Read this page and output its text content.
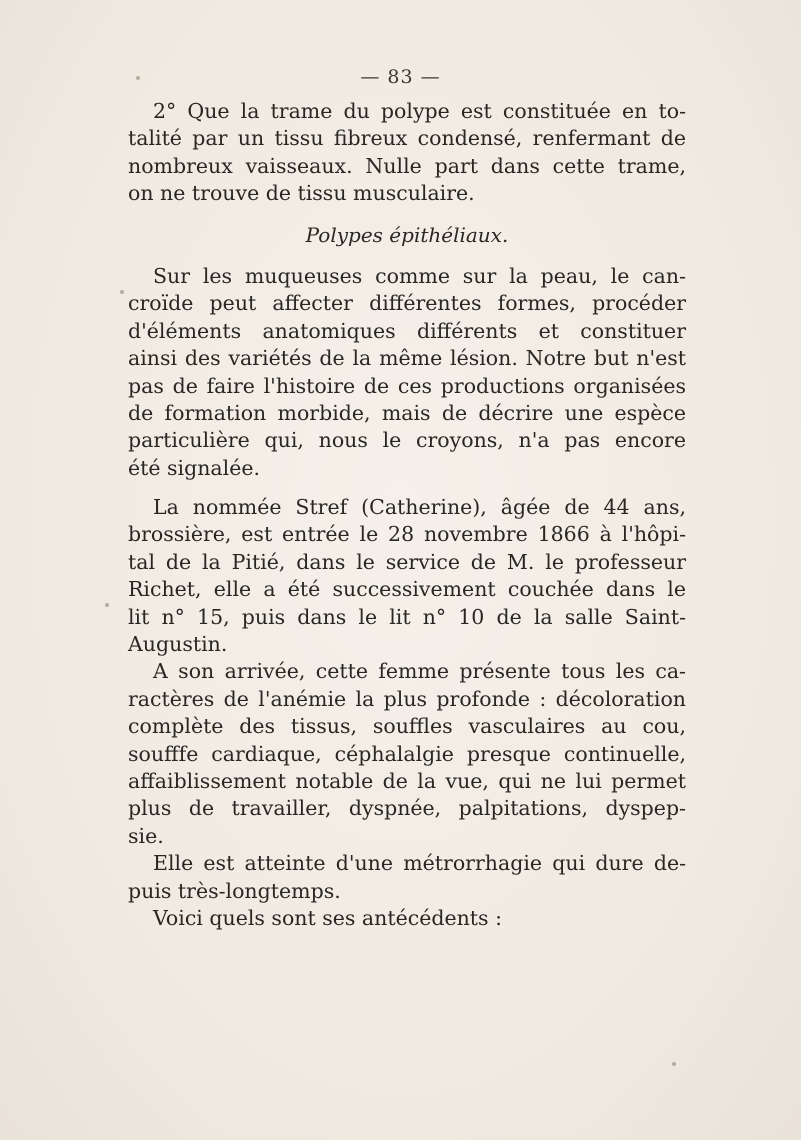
— 83 —
2° Que la trame du polype est constituée en to-
talité par un tissu fibreux condensé, renfermant de
nombreux vaisseaux. Nulle part dans cette trame,
on ne trouve de tissu musculaire.
Polypes épithéliaux.
Sur les muqueuses comme sur la peau, le can-
croïde peut affecter différentes formes, procéder
d'éléments anatomiques différents et constituer
ainsi des variétés de la même lésion. Notre but n'est
pas de faire l'histoire de ces productions organisées
de formation morbide, mais de décrire une espèce
particulière qui, nous le croyons, n'a pas encore
été signalée.
La nommée Stref (Catherine), âgée de 44 ans,
brossière, est entrée le 28 novembre 1866 à l'hôpi-
tal de la Pitié, dans le service de M. le professeur
Richet, elle a été successivement couchée dans le
lit n° 15, puis dans le lit n° 10 de la salle Saint-
Augustin.
A son arrivée, cette femme présente tous les ca-
ractères de l'anémie la plus profonde : décoloration
complète des tissus, souffles vasculaires au cou,
soufffe cardiaque, céphalalgie presque continuelle,
affaiblissement notable de la vue, qui ne lui permet
plus de travailler, dyspnée, palpitations, dyspep-
sie.
Elle est atteinte d'une métrorrhagie qui dure de-
puis très-longtemps.
Voici quels sont ses antécédents :
